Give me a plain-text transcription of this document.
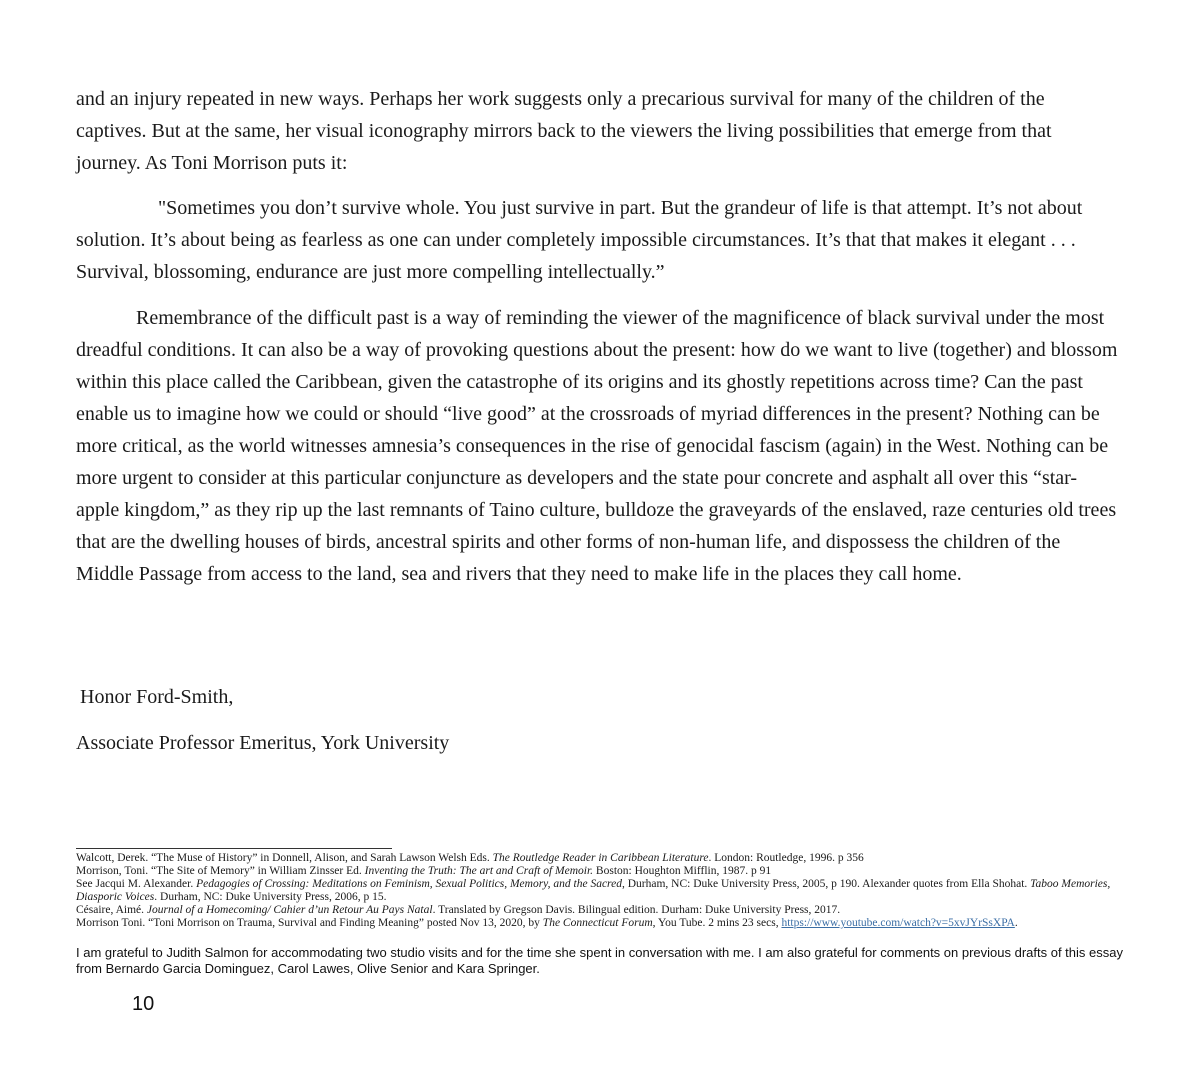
and an injury repeated in new ways. Perhaps her work suggests only a precarious survival for many of the children of the captives. But at the same, her visual iconography mirrors back to the viewers the living possibilities that emerge from that journey. As Toni Morrison puts it:

"Sometimes you don’t survive whole. You just survive in part. But the grandeur of life is that attempt. It’s not about solution. It’s about being as fearless as one can under completely impossible circumstances. It’s that that makes it elegant . . . Survival, blossoming, endurance are just more compelling intellectually.”

Remembrance of the difficult past is a way of reminding the viewer of the magnificence of black survival under the most dreadful conditions. It can also be a way of provoking questions about the present: how do we want to live (together) and blossom within this place called the Caribbean, given the catastrophe of its origins and its ghostly repetitions across time? Can the past enable us to imagine how we could or should “live good” at the crossroads of myriad differences in the present? Nothing can be more critical, as the world witnesses amnesia’s consequences in the rise of genocidal fascism (again) in the West. Nothing can be more urgent to consider at this particular conjuncture as developers and the state pour concrete and asphalt all over this “star-apple kingdom,” as they rip up the last remnants of Taino culture, bulldoze the graveyards of the enslaved, raze centuries old trees that are the dwelling houses of birds, ancestral spirits and other forms of non-human life, and dispossess the children of the Middle Passage from access to the land, sea and rivers that they need to make life in the places they call home.

Honor Ford-Smith,

Associate Professor Emeritus, York University

Walcott, Derek. “The Muse of History” in Donnell, Alison, and Sarah Lawson Welsh Eds. The Routledge Reader in Caribbean Literature. London: Routledge, 1996. p 356
Morrison, Toni. “The Site of Memory” in William Zinsser Ed. Inventing the Truth: The art and Craft of Memoir. Boston: Houghton Mifflin, 1987. p 91
See Jacqui M. Alexander. Pedagogies of Crossing: Meditations on Feminism, Sexual Politics, Memory, and the Sacred, Durham, NC: Duke University Press, 2005, p 190. Alexander quotes from Ella Shohat. Taboo Memories, Diasporic Voices. Durham, NC: Duke University Press, 2006, p 15.
Césaire, Aimé. Journal of a Homecoming/ Cahier d’un Retour Au Pays Natal. Translated by Gregson Davis. Bilingual edition. Durham: Duke University Press, 2017.
Morrison Toni. “Toni Morrison on Trauma, Survival and Finding Meaning” posted Nov 13, 2020, by The Connecticut Forum, You Tube. 2 mins 23 secs, https://www.youtube.com/watch?v=5xvJYrSsXPA.

I am grateful to Judith Salmon for accommodating two studio visits and for the time she spent in conversation with me. I am also grateful for comments on previous drafts of this essay from Bernardo Garcia Dominguez, Carol Lawes, Olive Senior and Kara Springer.

10
